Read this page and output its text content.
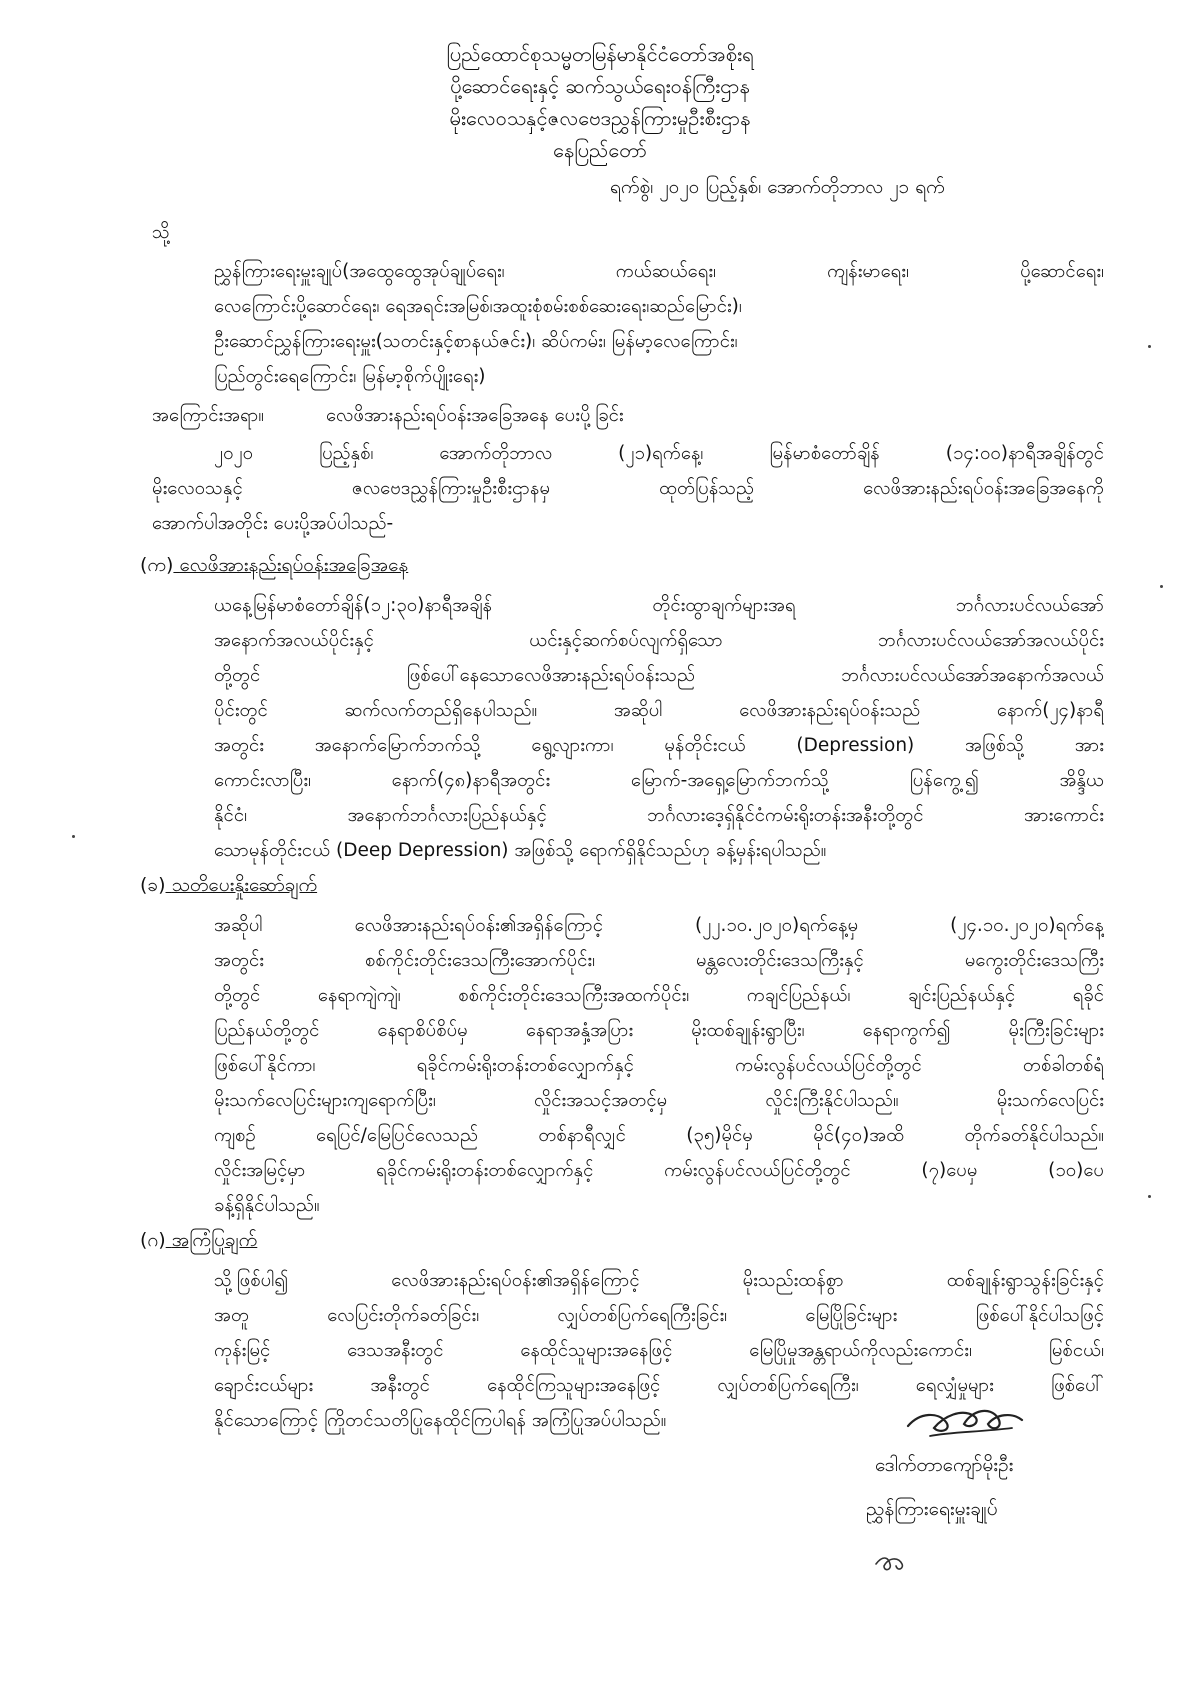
ပြည်ထောင်စုသမ္မတမြန်မာနိုင်ငံတော်အစိုးရ
ပို့ဆောင်ရေးနှင့် ဆက်သွယ်ရေးဝန်ကြီးဌာန
မိုးလေဝသနှင့်ဇလဗေဒညွှန်ကြားမှုဦးစီးဌာန
နေပြည်တော်
ရက်စွဲ၊ ၂၀၂၀ ပြည့်နှစ်၊ အောက်တိုဘာလ ၂၁ ရက်
သို့
ညွှန်ကြားရေးမှူးချုပ်(အထွေထွေအုပ်ချုပ်ရေး၊ ကယ်ဆယ်ရေး၊ ကျန်းမာရေး၊ ပို့ဆောင်ရေး၊
လေကြောင်းပို့ဆောင်ရေး၊ ရေအရင်းအမြစ်၊အထူးစုံစမ်းစစ်ဆေးရေး၊ဆည်မြောင်း)၊
ဦးဆောင်ညွှန်ကြားရေးမှူး(သတင်းနှင့်စာနယ်ဇင်း)၊ ဆိပ်ကမ်း၊ မြန်မာ့လေကြောင်း၊
ပြည်တွင်းရေကြောင်း၊ မြန်မာ့စိုက်ပျိုးရေး)
အကြောင်းအရာ။	လေဖိအားနည်းရပ်ဝန်းအခြေအနေ ပေးပို့ခြင်း
၂၀၂၀ ပြည့်နှစ်၊ အောက်တိုဘာလ (၂၁)ရက်နေ့၊ မြန်မာစံတော်ချိန် (၁၄:၀၀)နာရီအချိန်တွင်
မိုးလေဝသနှင့် ဇလဗေဒညွှန်ကြားမှုဦးစီးဌာနမှ ထုတ်ပြန်သည့် လေဖိအားနည်းရပ်ဝန်းအခြေအနေကို
အောက်ပါအတိုင်း ပေးပို့အပ်ပါသည်-
(က) လေဖိအားနည်းရပ်ဝန်းအခြေအနေ
ယနေ့မြန်မာစံတော်ချိန်(၁၂:၃၀)နာရီအချိန် တိုင်းထွာချက်များအရ ဘင်္ဂလားပင်လယ်အော်
အနောက်အလယ်ပိုင်းနှင့် ယင်းနှင့်ဆက်စပ်လျက်ရှိသော ဘင်္ဂလားပင်လယ်အော်အလယ်ပိုင်း
တို့တွင် ဖြစ်ပေါ်နေသောလေဖိအားနည်းရပ်ဝန်းသည် ဘင်္ဂလားပင်လယ်အော်အနောက်အလယ်
ပိုင်းတွင် ဆက်လက်တည်ရှိနေပါသည်။ အဆိုပါ လေဖိအားနည်းရပ်ဝန်းသည် နောက်(၂၄)နာရီ
အတွင်း အနောက်မြောက်ဘက်သို့ ရွေ့လျားကာ၊ မုန်တိုင်းငယ် (Depression) အဖြစ်သို့ အား
ကောင်းလာပြီး၊ နောက်(၄၈)နာရီအတွင်း မြောက်-အရှေ့မြောက်ဘက်သို့ ပြန်ကွေ့၍ အိန္ဒိယ
နိုင်ငံ၊ အနောက်ဘင်္ဂလားပြည်နယ်နှင့် ဘင်္ဂလားဒေ့ရှ်နိုင်ငံကမ်းရိုးတန်းအနီးတို့တွင် အားကောင်း
သောမုန်တိုင်းငယ် (Deep Depression) အဖြစ်သို့ ရောက်ရှိနိုင်သည်ဟု ခန့်မှန်းရပါသည်။
(ခ) သတိပေးနှိုးဆော်ချက်
အဆိုပါ လေဖိအားနည်းရပ်ဝန်း၏အရှိန်ကြောင့် (၂၂.၁၀.၂၀၂၀)ရက်နေ့မှ (၂၄.၁၀.၂၀၂၀)ရက်နေ့
အတွင်း စစ်ကိုင်းတိုင်းဒေသကြီးအောက်ပိုင်း၊ မန္တလေးတိုင်းဒေသကြီးနှင့် မကွေးတိုင်းဒေသကြီး
တို့တွင် နေရာကျဲကျဲ၊ စစ်ကိုင်းတိုင်းဒေသကြီးအထက်ပိုင်း၊ ကချင်ပြည်နယ်၊ ချင်းပြည်နယ်နှင့် ရခိုင်
ပြည်နယ်တို့တွင် နေရာစိပ်စိပ်မှ နေရာအနှံ့အပြား မိုးထစ်ချုန်းရွာပြီး၊ နေရာကွက်၍ မိုးကြီးခြင်းများ
ဖြစ်ပေါ်နိုင်ကာ၊ ရခိုင်ကမ်းရိုးတန်းတစ်လျှောက်နှင့် ကမ်းလွန်ပင်လယ်ပြင်တို့တွင် တစ်ခါတစ်ရံ
မိုးသက်လေပြင်းများကျရောက်ပြီး၊ လှိုင်းအသင့်အတင့်မှ လှိုင်းကြီးနိုင်ပါသည်။ မိုးသက်လေပြင်း
ကျစဉ် ရေပြင်/မြေပြင်လေသည် တစ်နာရီလျှင် (၃၅)မိုင်မှ မိုင်(၄၀)အထိ တိုက်ခတ်နိုင်ပါသည်။
လှိုင်းအမြင့်မှာ ရခိုင်ကမ်းရိုးတန်းတစ်လျှောက်နှင့် ကမ်းလွန်ပင်လယ်ပြင်တို့တွင် (၇)ပေမှ (၁၀)ပေ
ခန့်ရှိနိုင်ပါသည်။
(ဂ) အကြံပြုချက်
သို့ဖြစ်ပါ၍ လေဖိအားနည်းရပ်ဝန်း၏အရှိန်ကြောင့် မိုးသည်းထန်စွာ ထစ်ချုန်းရွာသွန်းခြင်းနှင့်
အတူ လေပြင်းတိုက်ခတ်ခြင်း၊ လျှပ်တစ်ပြက်ရေကြီးခြင်း၊ မြေပြိုခြင်းများ ဖြစ်ပေါ်နိုင်ပါသဖြင့်
ကုန်းမြင့် ဒေသအနီးတွင် နေထိုင်သူများအနေဖြင့် မြေပြိုမှုအန္တရာယ်ကိုလည်းကောင်း၊ မြစ်ငယ်၊
ချောင်းငယ်များ အနီးတွင် နေထိုင်ကြသူများအနေဖြင့် လျှပ်တစ်ပြက်ရေကြီး၊ ရေလျှံမှုများ ဖြစ်ပေါ်
နိုင်သောကြောင့် ကြိုတင်သတိပြုနေထိုင်ကြပါရန် အကြံပြုအပ်ပါသည်။
ဒေါက်တာကျော်မိုးဦး
ညွှန်ကြားရေးမှူးချုပ်
